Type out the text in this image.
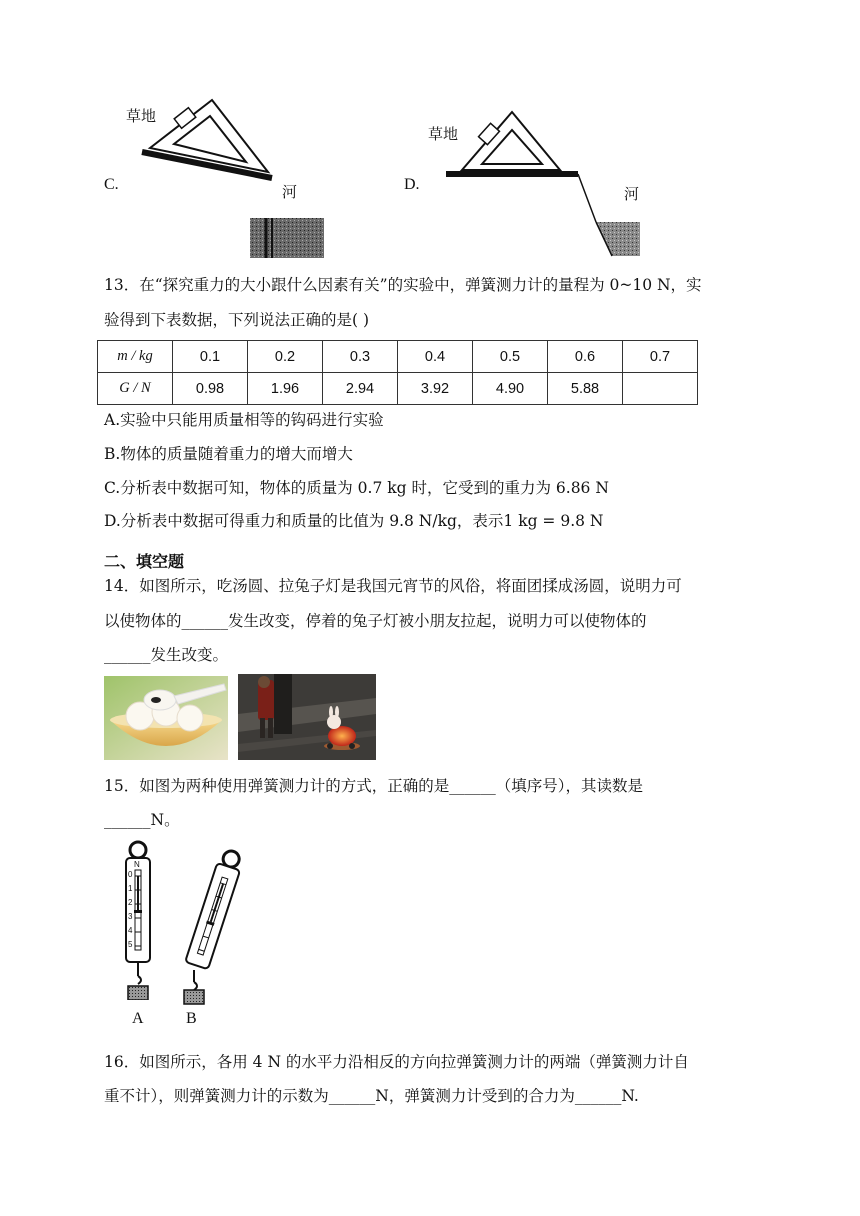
C.
草地
河	D.
草地
河
13．在“探究重力的大小跟什么因素有关”的实验中，弹簧测力计的量程为 0~10 N，实
验得到下表数据，下列说法正确的是( )
m / kg	0.1	0.2	0.3	0.4	0.5	0.6	0.7
G / N	0.98	1.96	2.94	3.92	4.90	5.88	
A.实验中只能用质量相等的钩码进行实验
B.物体的质量随着重力的增大而增大
C.分析表中数据可知，物体的质量为 0.7 kg 时，它受到的重力为 6.86 N
D.分析表中数据可得重力和质量的比值为 9.8 N/kg，表示1 kg = 9.8 N
二、填空题
14．如图所示，吃汤圆、拉兔子灯是我国元宵节的风俗，将面团揉成汤圆，说明力可
以使物体的______发生改变，停着的兔子灯被小朋友拉起，说明力可以使物体的
______发生改变。
15．如图为两种使用弹簧测力计的方式，正确的是______（填序号），其读数是
______N。
N
0
1
2
3
4
5
A	B
16．如图所示，各用 4 N 的水平力沿相反的方向拉弹簧测力计的两端（弹簧测力计自
重不计），则弹簧测力计的示数为______N，弹簧测力计受到的合力为______N.
